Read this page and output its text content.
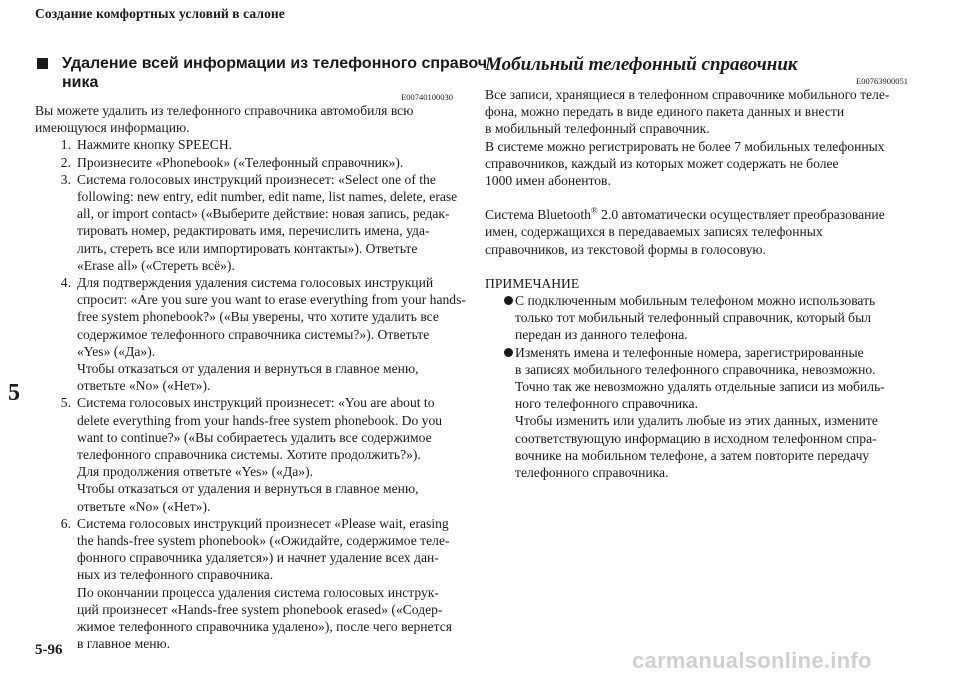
Создание комфортных условий в салоне
5
5-96	carmanualsonline.info
Удаление всей информации из телефонного справоч
ника
E00740100030
Вы можете удалить из телефонного справочника автомобиля всю
имеющуюся информацию.
1. Нажмите кнопку SPEECH.
2. Произнесите «Phonebook» («Телефонный справочник»).
3. Система голосовых инструкций произнесет: «Select one of the
following: new entry, edit number, edit name, list names, delete, erase
all, or import contact» («Выберите действие: новая запись, редак-
тировать номер, редактировать имя, перечислить имена, уда-
лить, стереть все или импортировать контакты»). Ответьте
«Erase all» («Стереть всё»).
4. Для подтверждения удаления система голосовых инструкций
спросит: «Are you sure you want to erase everything from your hands-
free system phonebook?» («Вы уверены, что хотите удалить все
содержимое телефонного справочника системы?»). Ответьте
«Yes» («Да»).
Чтобы отказаться от удаления и вернуться в главное меню,
ответьте «No» («Нет»).
5. Система голосовых инструкций произнесет: «You are about to
delete everything from your hands-free system phonebook. Do you
want to continue?» («Вы собираетесь удалить все содержимое
телефонного справочника системы. Хотите продолжить?»).
Для продолжения ответьте «Yes» («Да»).
Чтобы отказаться от удаления и вернуться в главное меню,
ответьте «No» («Нет»).
6. Система голосовых инструкций произнесет «Please wait, erasing
the hands-free system phonebook» («Ожидайте, содержимое теле-
фонного справочника удаляется») и начнет удаление всех дан-
ных из телефонного справочника.
По окончании процесса удаления система голосовых инструк-
ций произнесет «Hands-free system phonebook erased» («Содер-
жимое телефонного справочника удалено»), после чего вернется
в главное меню.
Мобильный телефонный справочник
E00763900051
Все записи, хранящиеся в телефонном справочнике мобильного теле-
фона, можно передать в виде единого пакета данных и внести
в мобильный телефонный справочник.
В системе можно регистрировать не более 7 мобильных телефонных
справочников, каждый из которых может содержать не более
1000 имен абонентов.
Система Bluetooth® 2.0 автоматически осуществляет преобразование
имен, содержащихся в передаваемых записях телефонных
справочников, из текстовой формы в голосовую.
ПРИМЕЧАНИЕ
С подключенным мобильным телефоном можно использовать
только тот мобильный телефонный справочник, который был
передан из данного телефона.
Изменять имена и телефонные номера, зарегистрированные
в записях мобильного телефонного справочника, невозможно.
Точно так же невозможно удалять отдельные записи из мобиль-
ного телефонного справочника.
Чтобы изменить или удалить любые из этих данных, измените
соответствующую информацию в исходном телефонном спра-
вочнике на мобильном телефоне, а затем повторите передачу
телефонного справочника.
